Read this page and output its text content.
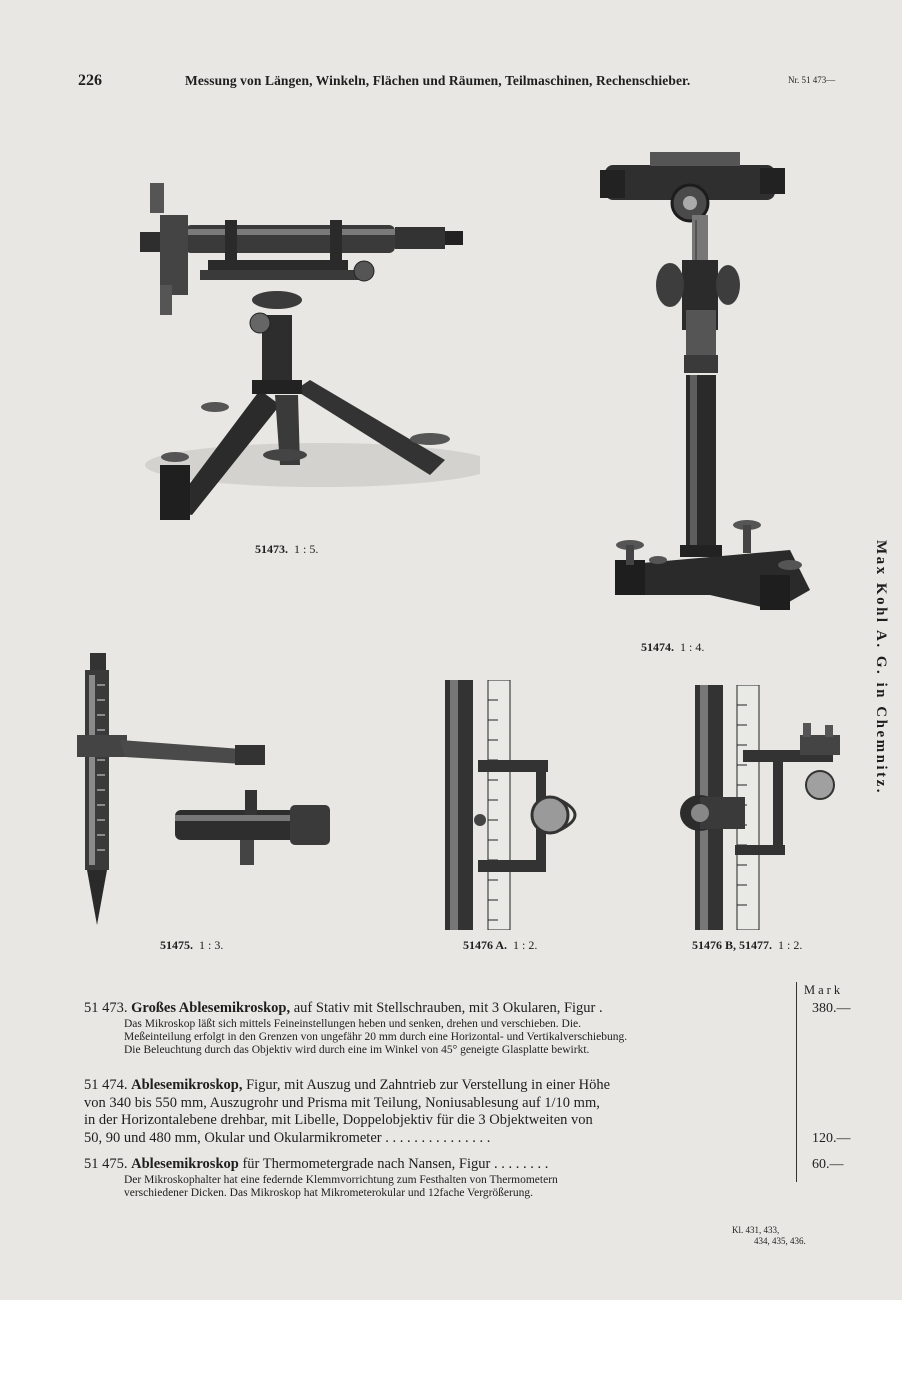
226	Messung von Längen, Winkeln, Flächen und Räumen, Teilmaschinen, Rechenschieber.	Nr. 51 473—
Max Kohl A. G. in Chemnitz.
51473. 1 : 5.
51474. 1 : 4.
51475. 1 : 3.	51476 A. 1 : 2.	51476 B, 51477. 1 : 2.
Mark
51 473. Großes Ablesemikroskop, auf Stativ mit Stellschrauben, mit 3 Okularen, Figur .
Das Mikroskop läßt sich mittels Feineinstellungen heben und senken, drehen und verschieben. Die.
Meßeinteilung erfolgt in den Grenzen von ungefähr 20 mm durch eine Horizontal- und Vertikalverschiebung.
Die Beleuchtung durch das Objektiv wird durch eine im Winkel von 45° geneigte Glasplatte bewirkt.
380.—
51 474. Ablesemikroskop, Figur, mit Auszug und Zahntrieb zur Verstellung in einer Höhe
von 340 bis 550 mm, Auszugrohr und Prisma mit Teilung, Noniusablesung auf 1/10 mm,
in der Horizontalebene drehbar, mit Libelle, Doppelobjektiv für die 3 Objektweiten von
50, 90 und 480 mm, Okular und Okularmikrometer . . . . . . . . . . . . . . .	120.—
51 475. Ablesemikroskop für Thermometergrade nach Nansen, Figur . . . . . . . .
Der Mikroskophalter hat eine federnde Klemmvorrichtung zum Festhalten von Thermometern
verschiedener Dicken. Das Mikroskop hat Mikrometerokular und 12fache Vergrößerung.
60.—
Kl. 431, 433,
434, 435, 436.
